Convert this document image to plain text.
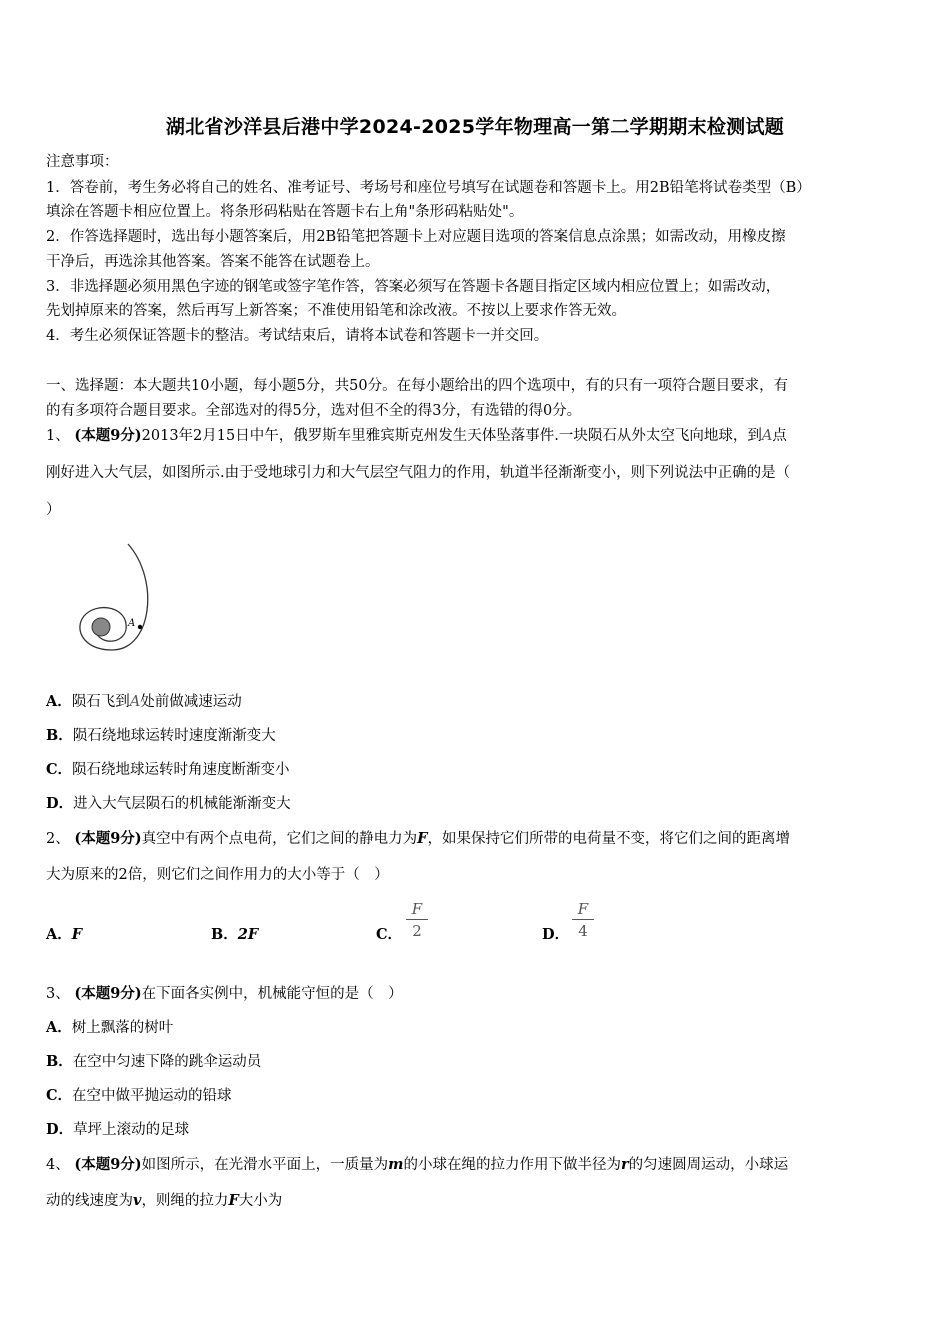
湖北省沙洋县后港中学2024-2025学年物理高一第二学期期末检测试题
注意事项：
1．答卷前，考生务必将自己的姓名、准考证号、考场号和座位号填写在试题卷和答题卡上。用2B铅笔将试卷类型（B）
填涂在答题卡相应位置上。将条形码粘贴在答题卡右上角"条形码粘贴处"。
2．作答选择题时，选出每小题答案后，用2B铅笔把答题卡上对应题目选项的答案信息点涂黑；如需改动，用橡皮擦
干净后，再选涂其他答案。答案不能答在试题卷上。
3．非选择题必须用黑色字迹的钢笔或签字笔作答，答案必须写在答题卡各题目指定区域内相应位置上；如需改动，
先划掉原来的答案，然后再写上新答案；不准使用铅笔和涂改液。不按以上要求作答无效。
4．考生必须保证答题卡的整洁。考试结束后，请将本试卷和答题卡一并交回。
一、选择题：本大题共10小题，每小题5分，共50分。在每小题给出的四个选项中，有的只有一项符合题目要求，有
的有多项符合题目要求。全部选对的得5分，选对但不全的得3分，有选错的得0分。
1、 (本题9分)2013年2月15日中午，俄罗斯车里雅宾斯克州发生天体坠落事件.一块陨石从外太空飞向地球，到A点
刚好进入大气层，如图所示.由于受地球引力和大气层空气阻力的作用，轨道半径渐渐变小，则下列说法中正确的是（
）
A
A．陨石飞到A处前做减速运动
B．陨石绕地球运转时速度渐渐变大
C．陨石绕地球运转时角速度断渐变小
D．进入大气层陨石的机械能渐渐变大
2、 (本题9分)真空中有两个点电荷，它们之间的静电力为F，如果保持它们所带的电荷量不变，将它们之间的距离增
大为原来的2倍，则它们之间作用力的大小等于（　）
A．F	B．2F	C．
F
2	D．
F
4
3、 (本题9分)在下面各实例中，机械能守恒的是（　）
A．树上飘落的树叶
B．在空中匀速下降的跳伞运动员
C．在空中做平抛运动的铅球
D．草坪上滚动的足球
4、 (本题9分)如图所示，在光滑水平面上，一质量为m的小球在绳的拉力作用下做半径为r的匀速圆周运动，小球运
动的线速度为v，则绳的拉力F大小为
